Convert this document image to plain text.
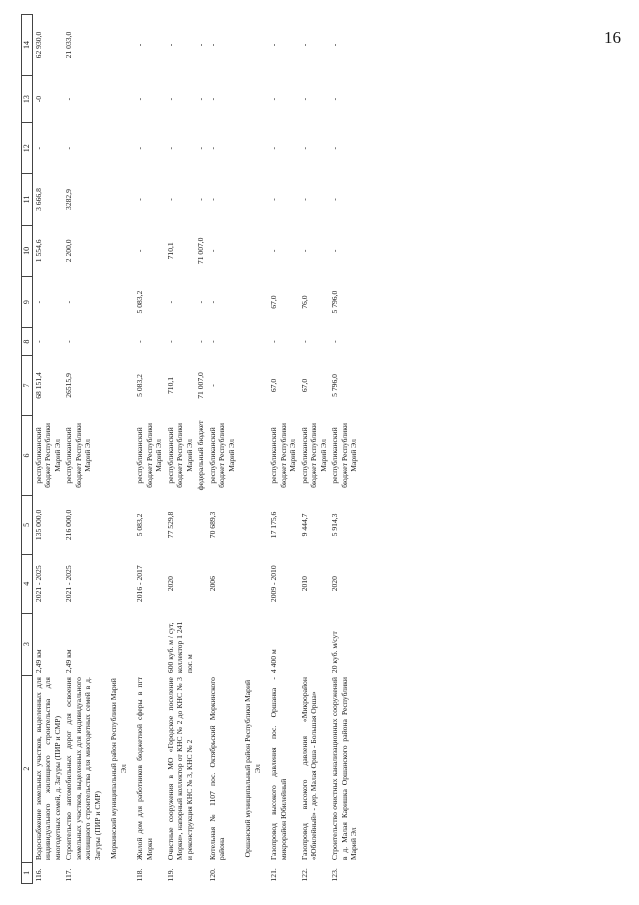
16
1	2	3	4	5	6	7	8	9	10	11	12	13	14
116.	Водоснабжение земельных участков, выделенных для индивидуального жилищного строительства для многодетных семей, д. Загуры (ПИР и СМР)	2,49 км	2021 - 2025	135 000,0	республиканский бюджет Республики Марий Эл	68 151,4	-	-	1 554,6	3 666,8	-	-0	62 930,0
117.	Строительство автомобильных дорог для освоения земельных участков, выделенных для индивидуального жилищного строительства для многодетных семей в д. Загуры (ПИР и СМР)	2,49 км	2021 - 2025	216 000,0	республиканский бюджет Республики Марий Эл	26515,9	-	-	2 200,0	3282,9	-	-	21 033,0
	Моркинский муниципальный район Республики Марий Эл												
118.	Жилой дом для работников бюджетной сферы в пгт Морки		2016 - 2017	5 083,2	республиканский бюджет Республики Марий Эл	5 083,2	-	5 083,2	-	-	-	-	-
119.	Очистные сооружения в МО «Городское поселение Морки», напорный коллектор от КНС № 2 до КНС № 3 и реконструкция КНС № 3, КНС № 2	600 куб. м / сут, коллектор 1 241 пог. м	2020	77 529,8	республиканский бюджет Республики Марий Эл	710,1	-	-	710,1	-	-	-	-
					федеральный бюджет	71 007,0	-	-	71 007,0	-	-	-	-
120.	Котельная № 1107 пос. Октябрьский Моркинского района		2006	70 689,3	республиканский бюджет Республики Марий Эл	-	-	-	-	-	-	-	-
	Оршанский муниципальный район Республики Марий Эл												
121.	Газопровод высокого давления пос. Оршанка - микрорайон Юбилейный	4 400 м	2009 - 2010	17 175,6	республиканский бюджет Республики Марий Эл	67,0	-	67,0	-	-	-	-	-
122.	Газопровод высокого давления «Микрорайон «Юбилейный» - дер. Малая Орша - Большая Орша»		2010	9 444,7	республиканский бюджет Республики Марий Эл	67,0	-	76,0	-	-	-	-	-
123.	Строительство очистных канализационных сооружений в д. Малая Каришка Оршанского района Республики Марий Эл	20 куб. м/сут	2020	5 914,3	республиканский бюджет Республики Марий Эл	5 796,0	-	5 796,0	-	-	-	-	-
